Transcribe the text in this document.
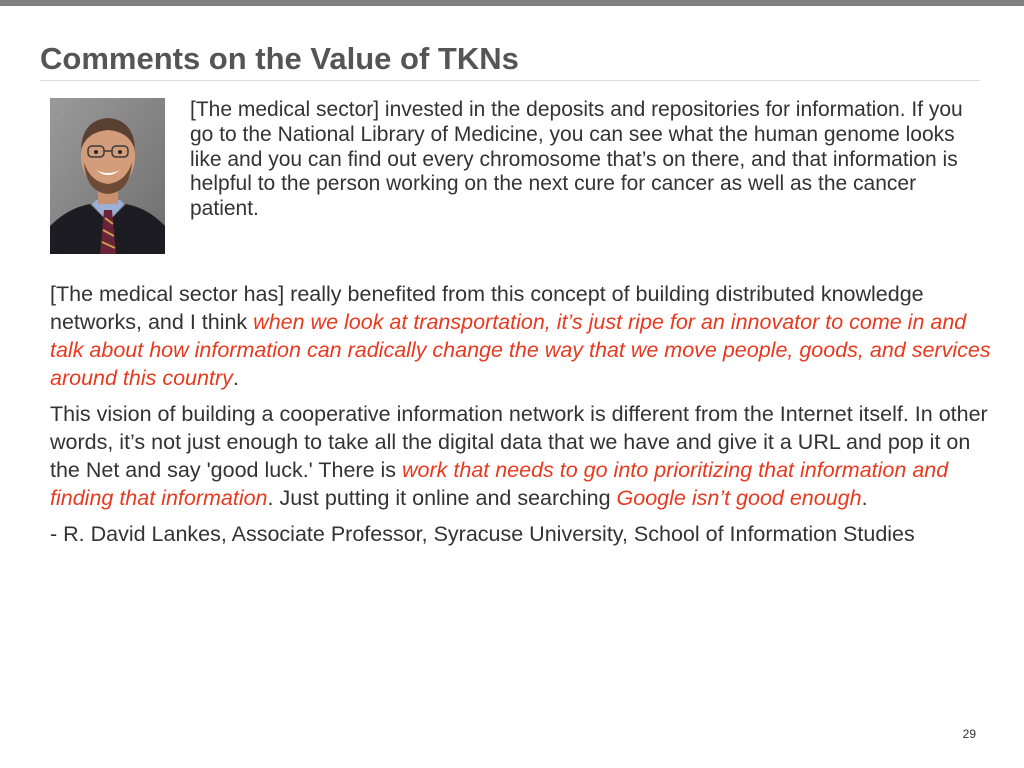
Comments on the Value of TKNs

[The medical sector] invested in the deposits and repositories for information. If you go to the National Library of Medicine, you can see what the human genome looks like and you can find out every chromosome that’s on there, and that information is helpful to the person working on the next cure for cancer as well as the cancer patient.

[The medical sector has] really benefited from this concept of building distributed knowledge networks, and I think when we look at transportation, it’s just ripe for an innovator to come in and talk about how information can radically change the way that we move people, goods, and services around this country.

This vision of building a cooperative information network is different from the Internet itself. In other words, it’s not just enough to take all the digital data that we have and give it a URL and pop it on the Net and say 'good luck.' There is work that needs to go into prioritizing that information and finding that information. Just putting it online and searching Google isn’t good enough.

- R. David Lankes, Associate Professor, Syracuse University, School of Information Studies

29
